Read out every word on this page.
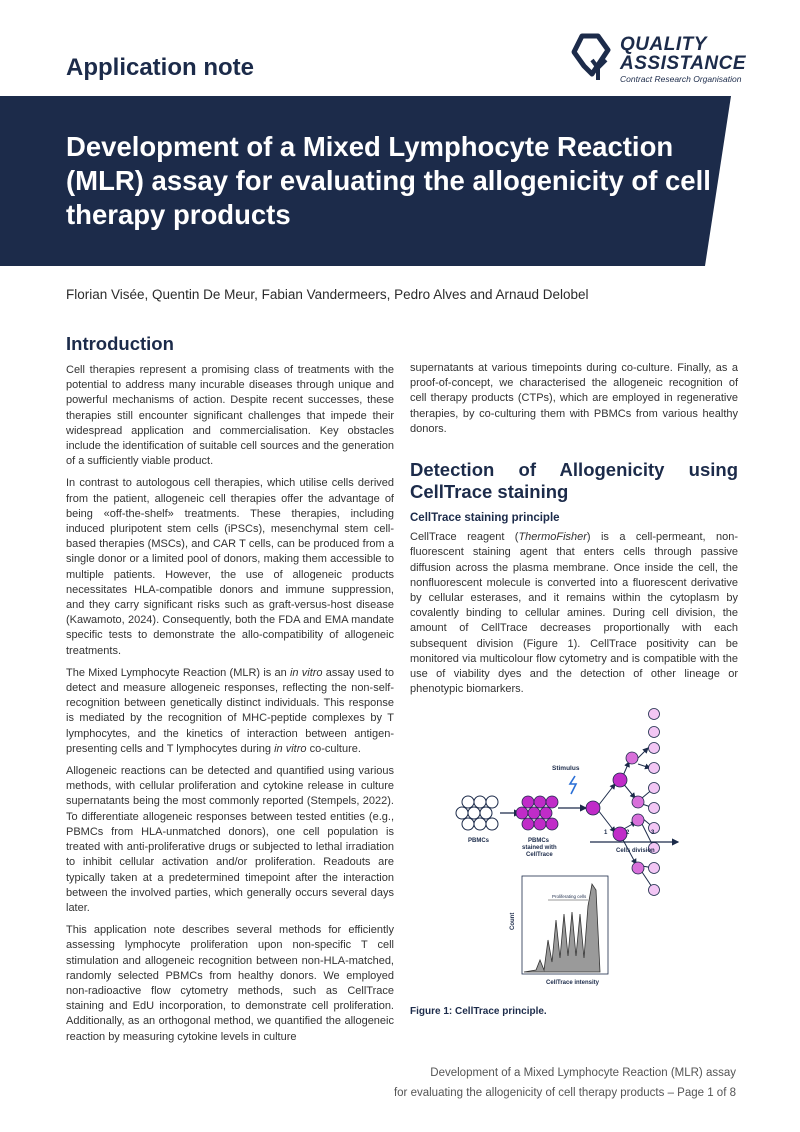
Application note
QUALITY
ASSISTANCE
Contract Research Organisation
Development of a Mixed Lymphocyte Reaction (MLR) assay for evaluating the allogenicity of cell therapy products
Florian Visée, Quentin De Meur, Fabian Vandermeers, Pedro Alves and Arnaud Delobel
Introduction

Cell therapies represent a promising class of treatments with the potential to address many incurable diseases through unique and powerful mechanisms of action. Despite recent successes, these therapies still encounter significant challenges that impede their widespread application and commercialisation. Key obstacles include the identification of suitable cell sources and the generation of a sufficiently viable product.

In contrast to autologous cell therapies, which utilise cells derived from the patient, allogeneic cell therapies offer the advantage of being «off-the-shelf» treatments. These therapies, including induced pluripotent stem cells (iPSCs), mesenchymal stem cell-based therapies (MSCs), and CAR T cells, can be produced from a single donor or a limited pool of donors, making them accessible to multiple patients. However, the use of allogeneic products necessitates HLA-compatible donors and immune suppression, and they carry significant risks such as graft-versus-host disease (Kawamoto, 2024). Consequently, both the FDA and EMA mandate specific tests to demonstrate the allo-compatibility of allogeneic treatments.

The Mixed Lymphocyte Reaction (MLR) is an in vitro assay used to detect and measure allogeneic responses, reflecting the non-self-recognition between genetically distinct individuals. This response is mediated by the recognition of MHC-peptide complexes by T lymphocytes, and the kinetics of interaction between antigen-presenting cells and T lymphocytes during in vitro co-culture.

Allogeneic reactions can be detected and quantified using various methods, with cellular proliferation and cytokine release in culture supernatants being the most commonly reported (Stempels, 2022). To differentiate allogeneic responses between tested entities (e.g., PBMCs from HLA-unmatched donors), one cell population is treated with anti-proliferative drugs or subjected to lethal irradiation to inhibit cellular activation and/or proliferation. Readouts are typically taken at a predetermined timepoint after the interaction between the involved parties, which generally occurs several days later.

This application note describes several methods for efficiently assessing lymphocyte proliferation upon non-specific T cell stimulation and allogeneic recognition between non-HLA-matched, randomly selected PBMCs from healthy donors. We employed non-radioactive flow cytometry methods, such as CellTrace staining and EdU incorporation, to demonstrate cell proliferation. Additionally, as an orthogonal method, we quantified the allogeneic reaction by measuring cytokine levels in culture

supernatants at various timepoints during co-culture. Finally, as a proof-of-concept, we characterised the allogeneic recognition of cell therapy products (CTPs), which are employed in regenerative therapies, by co-culturing them with PBMCs from various healthy donors.

Detection of Allogenicity using CellTrace staining
CellTrace staining principle

CellTrace reagent (ThermoFisher) is a cell-permeant, non-fluorescent staining agent that enters cells through passive diffusion across the plasma membrane. Once inside the cell, the nonfluorescent molecule is converted into a fluorescent derivative by cellular esterases, and it remains within the cytoplasm by covalently binding to cellular amines. During cell division, the amount of CellTrace decreases proportionally with each subsequent division (Figure 1). CellTrace positivity can be monitored via multicolour flow cytometry and is compatible with the use of viability dyes and the detection of other lineage or phenotypic biomarkers.

PBMCs	PBMCs
stained with
CellTrace
Stimulus
1	2	3
Cells division
Proliferating cells
Count
CellTrace intensity
Figure 1: CellTrace principle.
Development of a Mixed Lymphocyte Reaction (MLR) assay
for evaluating the allogenicity of cell therapy products – Page 1 of 8
